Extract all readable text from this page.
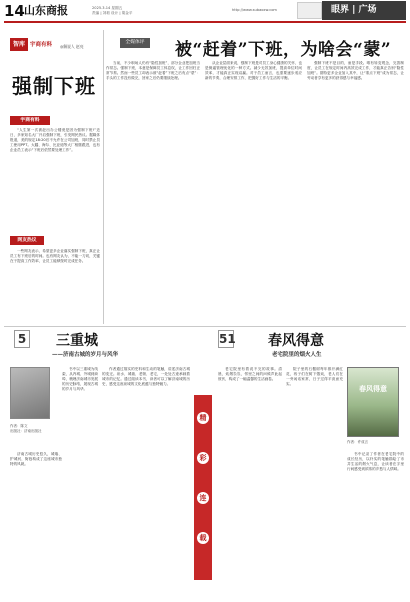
14 山东商报	2025.3.14 星期五
责编 | 刘莉 设计 | 胡金平
http://www.subaoxw.com	眼界 | 广场
智库 宇商有料 ◎解说人 赵亮
强制下班
宇商有料

“人生第一次被赶出办公楼竟是因为强制下班!”近日，多家知名大厂开启强制下班，引发网民热议。据媒体报道，美的规定18:20后不允许在公司加班，同时禁止员工使用PPT。大疆、海尔、比亚迪等大厂相继跟进，也有企业员工表示“下班后依然要处理工作”。

网友热议

一些网友表示，希望更多企业落实强制下班，真正让员工有下班后的时间。也有网友认为，不能一刀切，关键在于提高工作效率，让员工能够按时完成任务。

全媒体评	被“赶着”下班，为啥会“蒙”

当前，不少职场人仍有“隐性加班”，部分企业把加班当作常态。强制下班，本意是保障员工休息权，让工作回归正常节奏。然而一些员工却表示被“赶着”下班之后有点“蒙”：手头的工作没有做完，回家之后仍要继续处理。

从企业层面来说，强制下班是对员工身心健康的关怀，也是倒逼管理优化的一种方式。减少无效加班，提高单位时间效率，才能真正实现双赢。对于员工而言，也需要逐步适应新的节奏，合理安排工作，把握好工作与生活的平衡。

强制下班不是目的，而是手段。唯有转变观念，完善制度，让员工在规定时间内高效完成工作，才能真正告别“隐性加班”。期待更多企业加入其中，让“准点下班”成为常态，让劳动者享有更多的获得感与幸福感。

5 三重城
——济南古城的岁月与风华
作者：陈文
出版社：济南出版社

济南古城历史悠久，城墙、护城河、街巷构成了这座城市独特的风貌。

书中以三重城为线索，从内城、外城到商埠，梳理济南城市发展的历史脉络，展现古城的岁月与风华。

作者通过翔实的史料和生动的笔触，讲述济南古城的变迁。泉水、城墙、老街、老宅，一处处古迹承载着城市的记忆。通过阅读本书，读者可以了解济南城的历史，感受这座泉城的文化底蕴与独特魅力。

精
彩
连
载
51 春风得意
老宅院里的烟火人生

老宅院里有着说不完的故事。清晨，炊烟袅袅，邻里之间的问候声此起彼伏，构成了一幅温馨的生活画卷。

院子里的石榴树每年都开满红花，孩子们在树下嬉戏，老人们在一旁闲话家常，日子过得平淡而充实。

春风得意
作者：许成言

书中记录了作者在老宅院中的成长经历，以朴实的笔触描绘了市井生活的烟火气息，让读者在字里行间感受到浓浓的乡愁与人情味。
